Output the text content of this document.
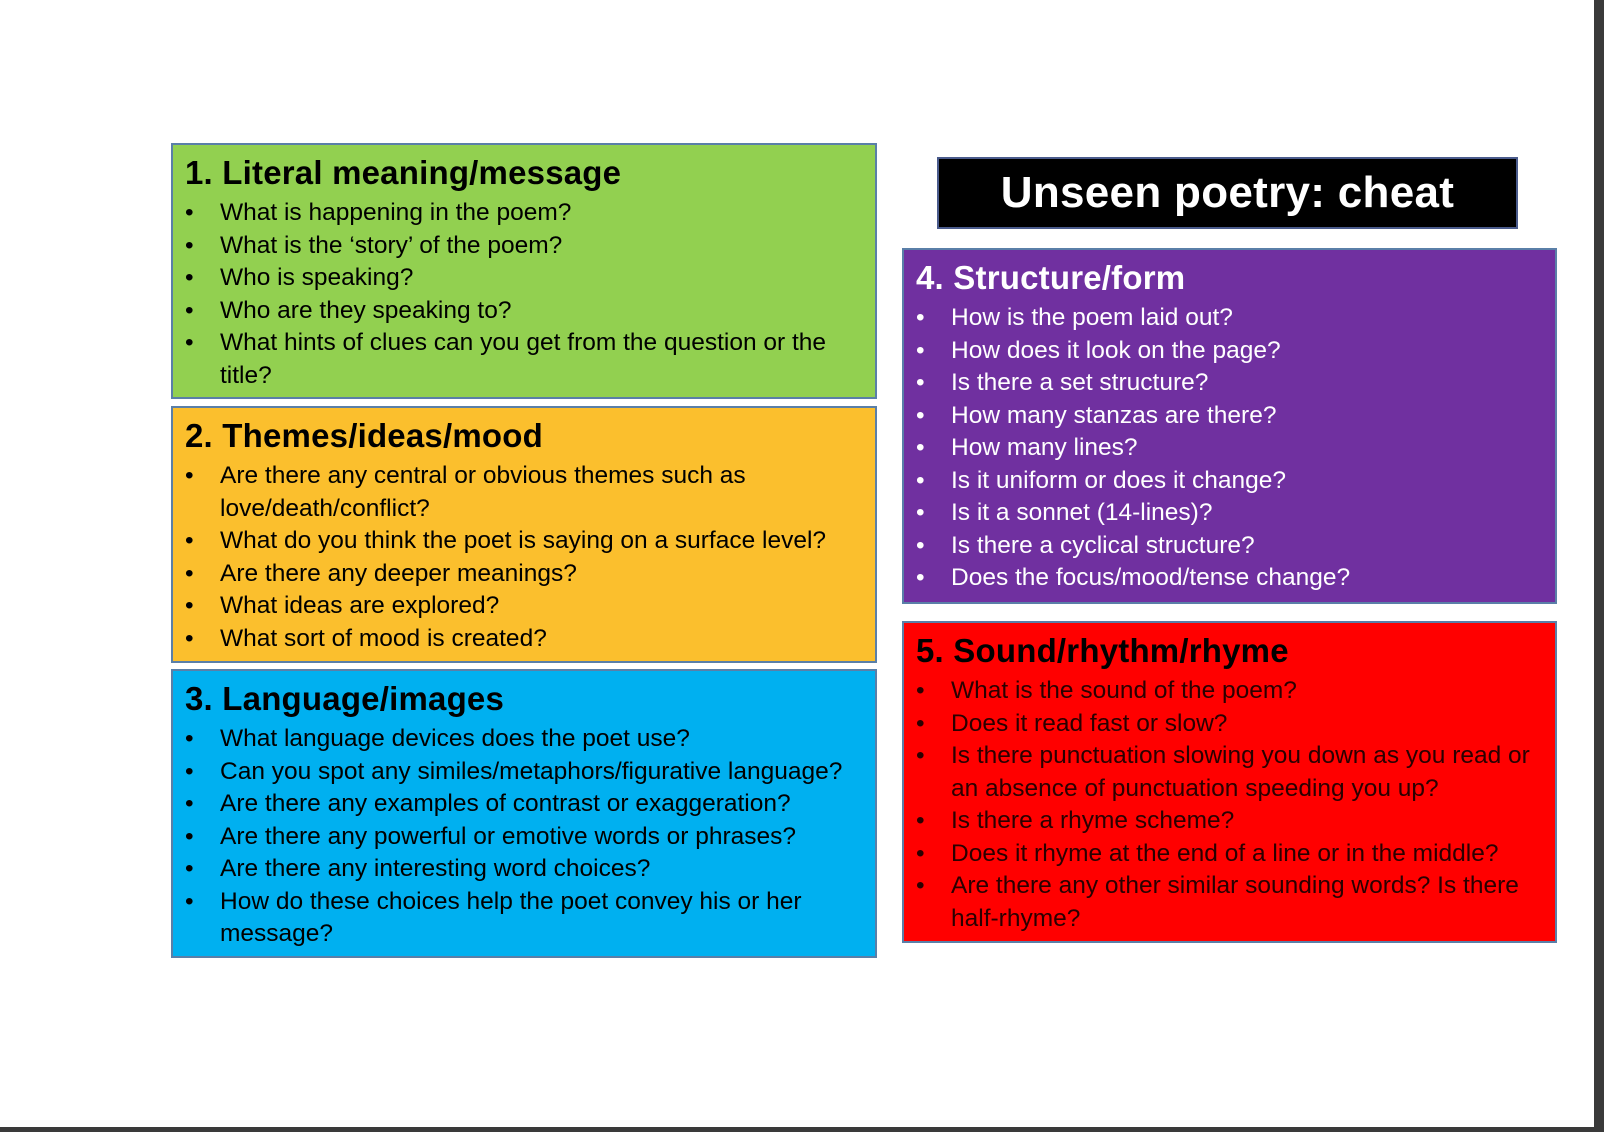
Unseen poetry: cheat
1. Literal meaning/message
• What is happening in the poem?
• What is the ‘story’ of the poem?
• Who is speaking?
• Who are they speaking to?
• What hints of clues can you get from the question or the title?
2. Themes/ideas/mood
• Are there any central or obvious themes such as love/death/conflict?
• What do you think the poet is saying on a surface level?
• Are there any deeper meanings?
• What ideas are explored?
• What sort of mood is created?
3. Language/images
• What language devices does the poet use?
• Can you spot any similes/metaphors/figurative language?
• Are there any examples of contrast or exaggeration?
• Are there any powerful or emotive words or phrases?
• Are there any interesting word choices?
• How do these choices help the poet convey his or her message?
4. Structure/form
• How is the poem laid out?
• How does it look on the page?
• Is there a set structure?
• How many stanzas are there?
• How many lines?
• Is it uniform or does it change?
• Is it a sonnet (14-lines)?
• Is there a cyclical structure?
• Does the focus/mood/tense change?
5. Sound/rhythm/rhyme
• What is the sound of the poem?
• Does it read fast or slow?
• Is there punctuation slowing you down as you read or an absence of punctuation speeding you up?
• Is there a rhyme scheme?
• Does it rhyme at the end of a line or in the middle?
• Are there any other similar sounding words? Is there half-rhyme?
